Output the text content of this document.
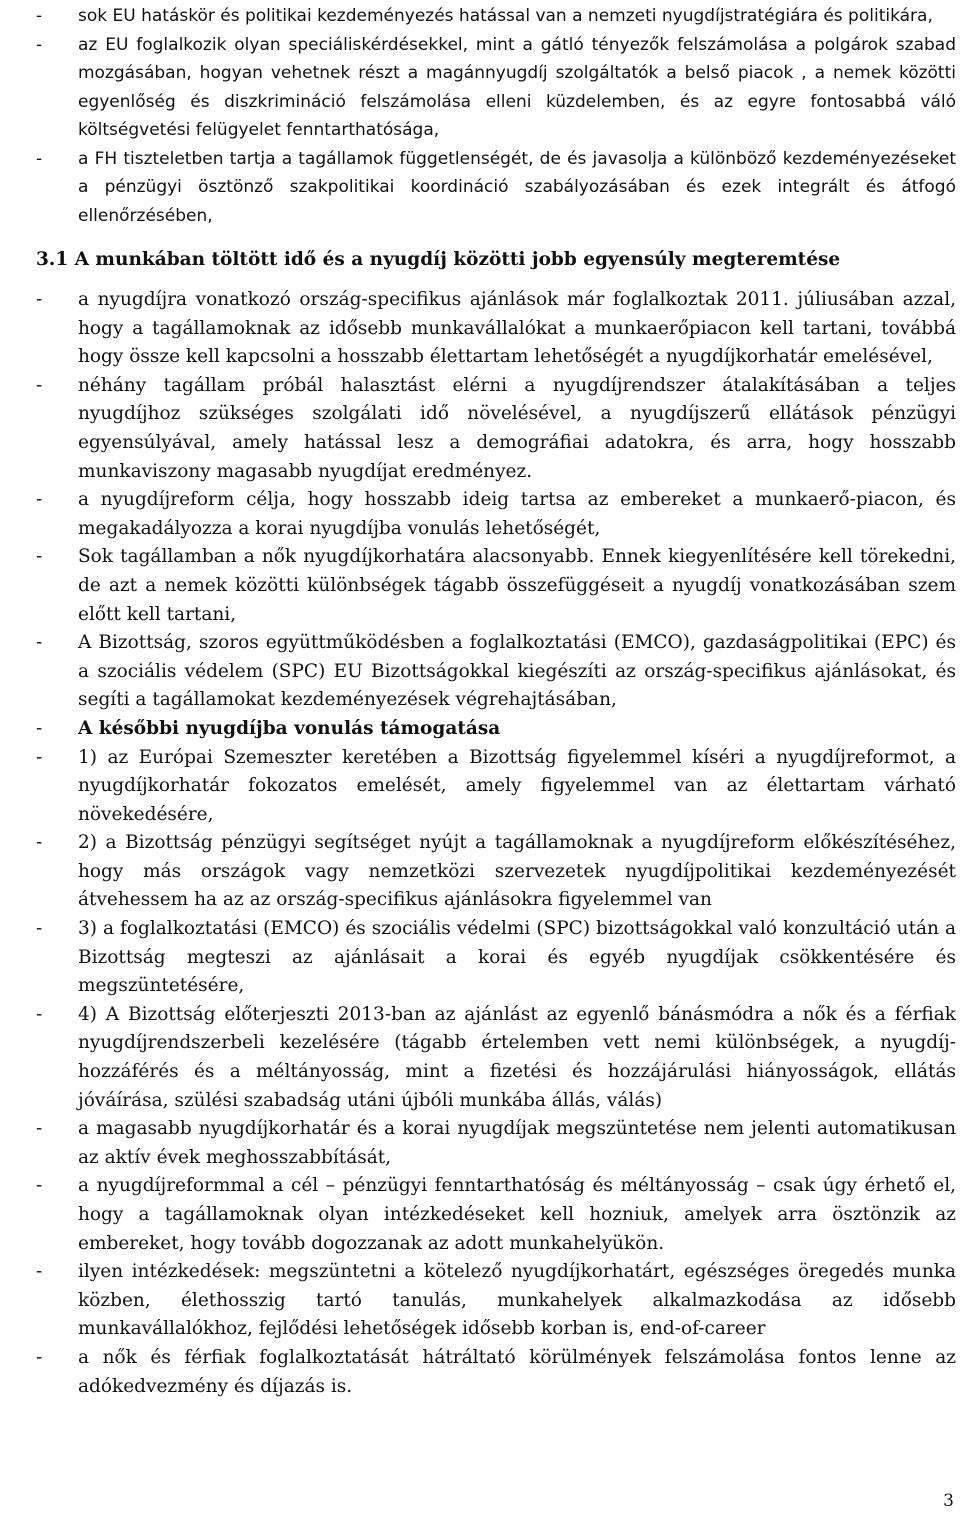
-	sok EU hatáskör és politikai kezdeményezés hatással van a nemzeti nyugdíjstratégiára és politikára,
-	az EU foglalkozik olyan speciáliskérdésekkel, mint a gátló tényezők felszámolása a polgárok szabad mozgásában, hogyan vehetnek részt a magánnyugdíj szolgáltatók a belső piacok , a nemek közötti egyenlőség és diszkrimináció felszámolása elleni küzdelemben, és az egyre fontosabbá váló költségvetési felügyelet fenntarthatósága,
-	a FH tiszteletben tartja a tagállamok függetlenségét, de és javasolja a különböző kezdeményezéseket a pénzügyi ösztönző szakpolitikai koordináció szabályozásában és ezek integrált és átfogó ellenőrzésében,
3.1 A munkában töltött idő és a nyugdíj közötti jobb egyensúly megteremtése
-	a nyugdíjra vonatkozó ország-specifikus ajánlások már foglalkoztak 2011. júliusában azzal, hogy a tagállamoknak az idősebb munkavállalókat a munkaerőpiacon kell tartani, továbbá hogy össze kell kapcsolni a hosszabb élettartam lehetőségét a nyugdíjkorhatár emelésével,
-	néhány tagállam próbál halasztást elérni a nyugdíjrendszer átalakításában a teljes nyugdíjhoz szükséges szolgálati idő növelésével, a nyugdíjszerű ellátások pénzügyi egyensúlyával, amely hatással lesz a demográfiai adatokra, és arra, hogy hosszabb munkaviszony magasabb nyugdíjat eredményez.
-	a nyugdíjreform célja, hogy hosszabb ideig tartsa az embereket a munkaerő-piacon, és megakadályozza a korai nyugdíjba vonulás lehetőségét,
-	Sok tagállamban a nők nyugdíjkorhatára alacsonyabb. Ennek kiegyenlítésére kell törekedni, de azt a nemek közötti különbségek tágabb összefüggéseit a nyugdíj vonatkozásában szem előtt kell tartani,
-	A Bizottság, szoros együttműködésben a foglalkoztatási (EMCO), gazdaságpolitikai (EPC) és a szociális védelem (SPC) EU Bizottságokkal kiegészíti az ország-specifikus ajánlásokat, és segíti a tagállamokat kezdeményezések végrehajtásában,
-	A későbbi nyugdíjba vonulás támogatása
-	1) az Európai Szemeszter keretében a Bizottság figyelemmel kíséri a nyugdíjreformot, a nyugdíjkorhatár fokozatos emelését, amely figyelemmel van az élettartam várható növekedésére,
-	2) a Bizottság pénzügyi segítséget nyújt a tagállamoknak a nyugdíjreform előkészítéséhez, hogy más országok vagy nemzetközi szervezetek nyugdíjpolitikai kezdeményezését átvehessem ha az az ország-specifikus ajánlásokra figyelemmel van
-	3) a foglalkoztatási (EMCO) és szociális védelmi (SPC) bizottságokkal való konzultáció után a Bizottság megteszi az ajánlásait a korai és egyéb nyugdíjak csökkentésére és megszüntetésére,
-	4) A Bizottság előterjeszti 2013-ban az ajánlást az egyenlő bánásmódra a nők és a férfiak nyugdíjrendszerbeli kezelésére (tágabb értelemben vett nemi különbségek, a nyugdíj-hozzáférés és a méltányosság, mint a fizetési és hozzájárulási hiányosságok, ellátás jóváírása, szülési szabadság utáni újbóli munkába állás, válás)
-	a magasabb nyugdíjkorhatár és a korai nyugdíjak megszüntetése nem jelenti automatikusan az aktív évek meghosszabbítását,
-	a nyugdíjreformmal a cél – pénzügyi fenntarthatóság és méltányosság – csak úgy érhető el, hogy a tagállamoknak olyan intézkedéseket kell hozniuk, amelyek arra ösztönzik az embereket, hogy tovább dogozzanak az adott munkahelyükön.
-	ilyen intézkedések: megszüntetni a kötelező nyugdíjkorhatárt, egészséges öregedés munka közben, élethosszig tartó tanulás, munkahelyek alkalmazkodása az idősebb munkavállalókhoz, fejlődési lehetőségek idősebb korban is, end-of-career
-	a nők és férfiak foglalkoztatását hátráltató körülmények felszámolása fontos lenne az adókedvezmény és díjazás is.
3
